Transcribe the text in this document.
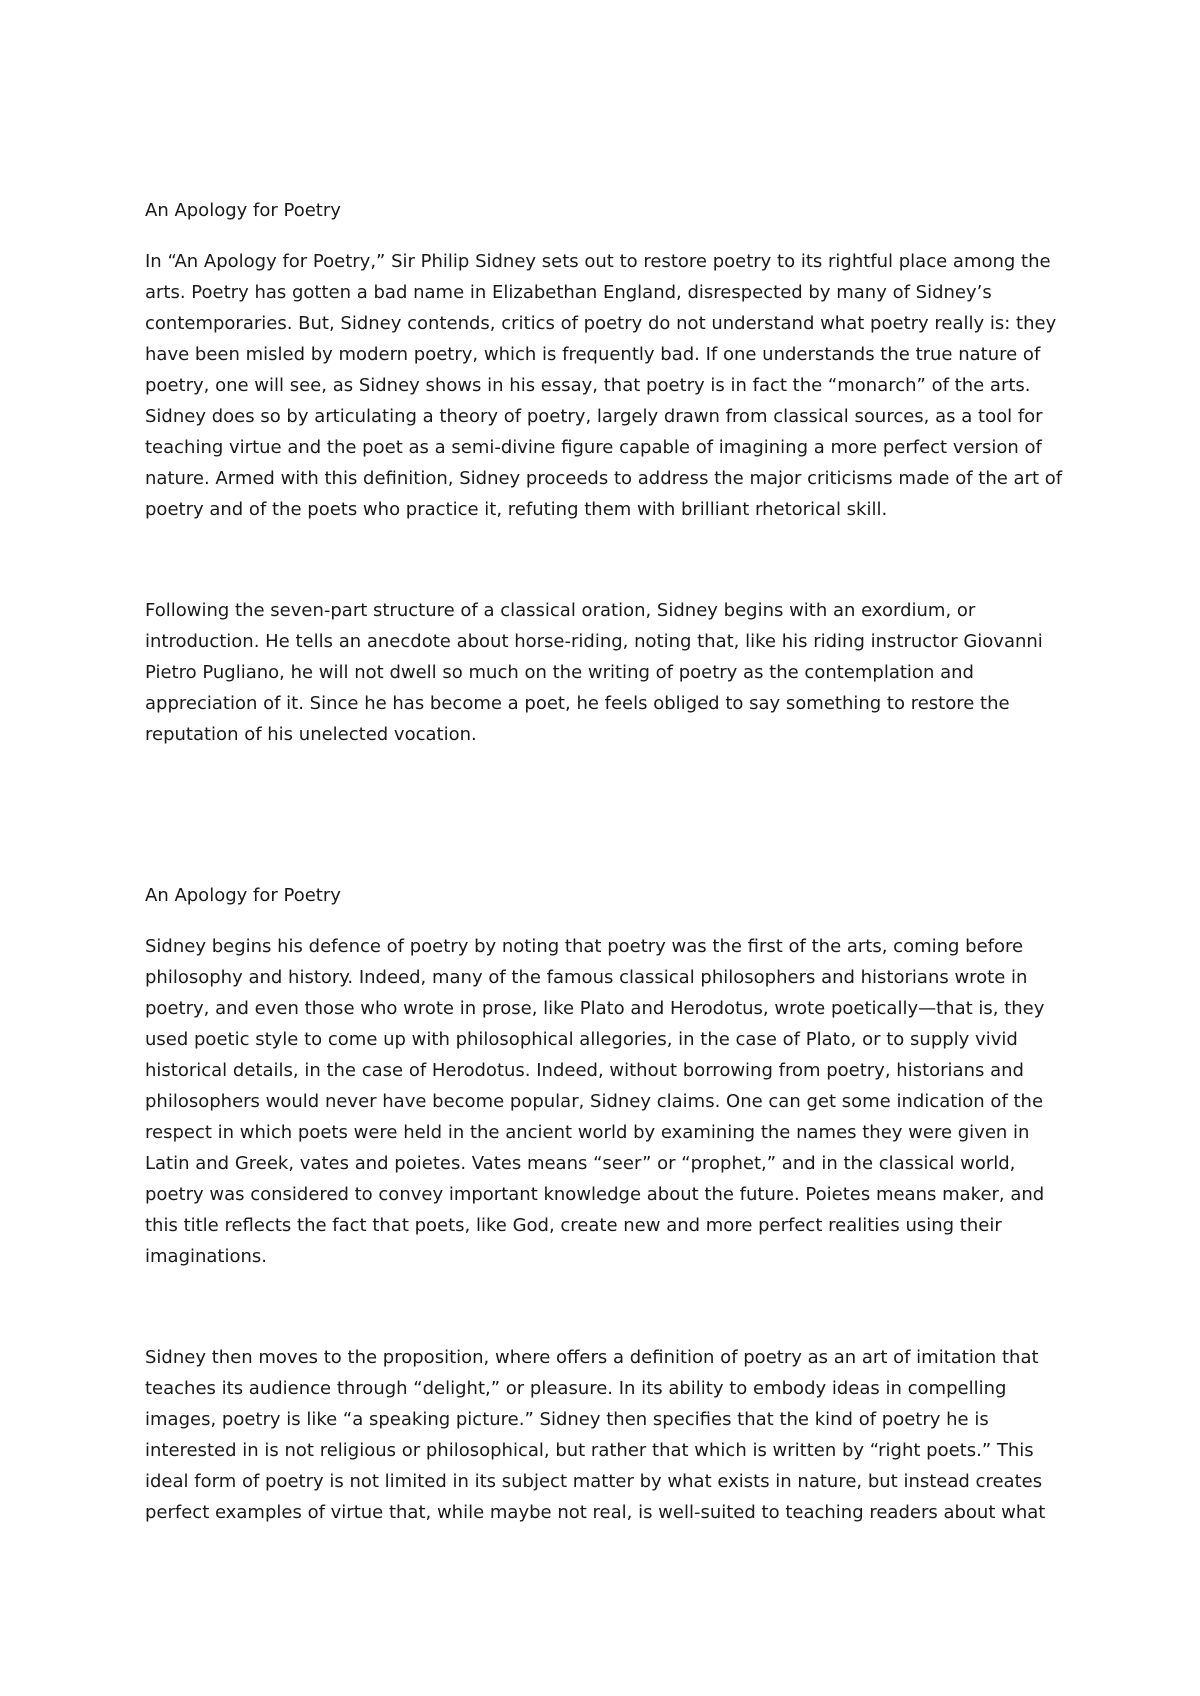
An Apology for Poetry

In “An Apology for Poetry,” Sir Philip Sidney sets out to restore poetry to its rightful place among the arts. Poetry has gotten a bad name in Elizabethan England, disrespected by many of Sidney’s contemporaries. But, Sidney contends, critics of poetry do not understand what poetry really is: they have been misled by modern poetry, which is frequently bad. If one understands the true nature of poetry, one will see, as Sidney shows in his essay, that poetry is in fact the “monarch” of the arts. Sidney does so by articulating a theory of poetry, largely drawn from classical sources, as a tool for teaching virtue and the poet as a semi-divine figure capable of imagining a more perfect version of nature. Armed with this definition, Sidney proceeds to address the major criticisms made of the art of poetry and of the poets who practice it, refuting them with brilliant rhetorical skill.

Following the seven-part structure of a classical oration, Sidney begins with an exordium, or introduction. He tells an anecdote about horse-riding, noting that, like his riding instructor Giovanni Pietro Pugliano, he will not dwell so much on the writing of poetry as the contemplation and appreciation of it. Since he has become a poet, he feels obliged to say something to restore the reputation of his unelected vocation.

An Apology for Poetry

Sidney begins his defence of poetry by noting that poetry was the first of the arts, coming before philosophy and history. Indeed, many of the famous classical philosophers and historians wrote in poetry, and even those who wrote in prose, like Plato and Herodotus, wrote poetically—that is, they used poetic style to come up with philosophical allegories, in the case of Plato, or to supply vivid historical details, in the case of Herodotus. Indeed, without borrowing from poetry, historians and philosophers would never have become popular, Sidney claims. One can get some indication of the respect in which poets were held in the ancient world by examining the names they were given in Latin and Greek, vates and poietes. Vates means “seer” or “prophet,” and in the classical world, poetry was considered to convey important knowledge about the future. Poietes means maker, and this title reflects the fact that poets, like God, create new and more perfect realities using their imaginations.

Sidney then moves to the proposition, where offers a definition of poetry as an art of imitation that teaches its audience through “delight,” or pleasure. In its ability to embody ideas in compelling images, poetry is like “a speaking picture.” Sidney then specifies that the kind of poetry he is interested in is not religious or philosophical, but rather that which is written by “right poets.” This ideal form of poetry is not limited in its subject matter by what exists in nature, but instead creates perfect examples of virtue that, while maybe not real, is well-suited to teaching readers about what
